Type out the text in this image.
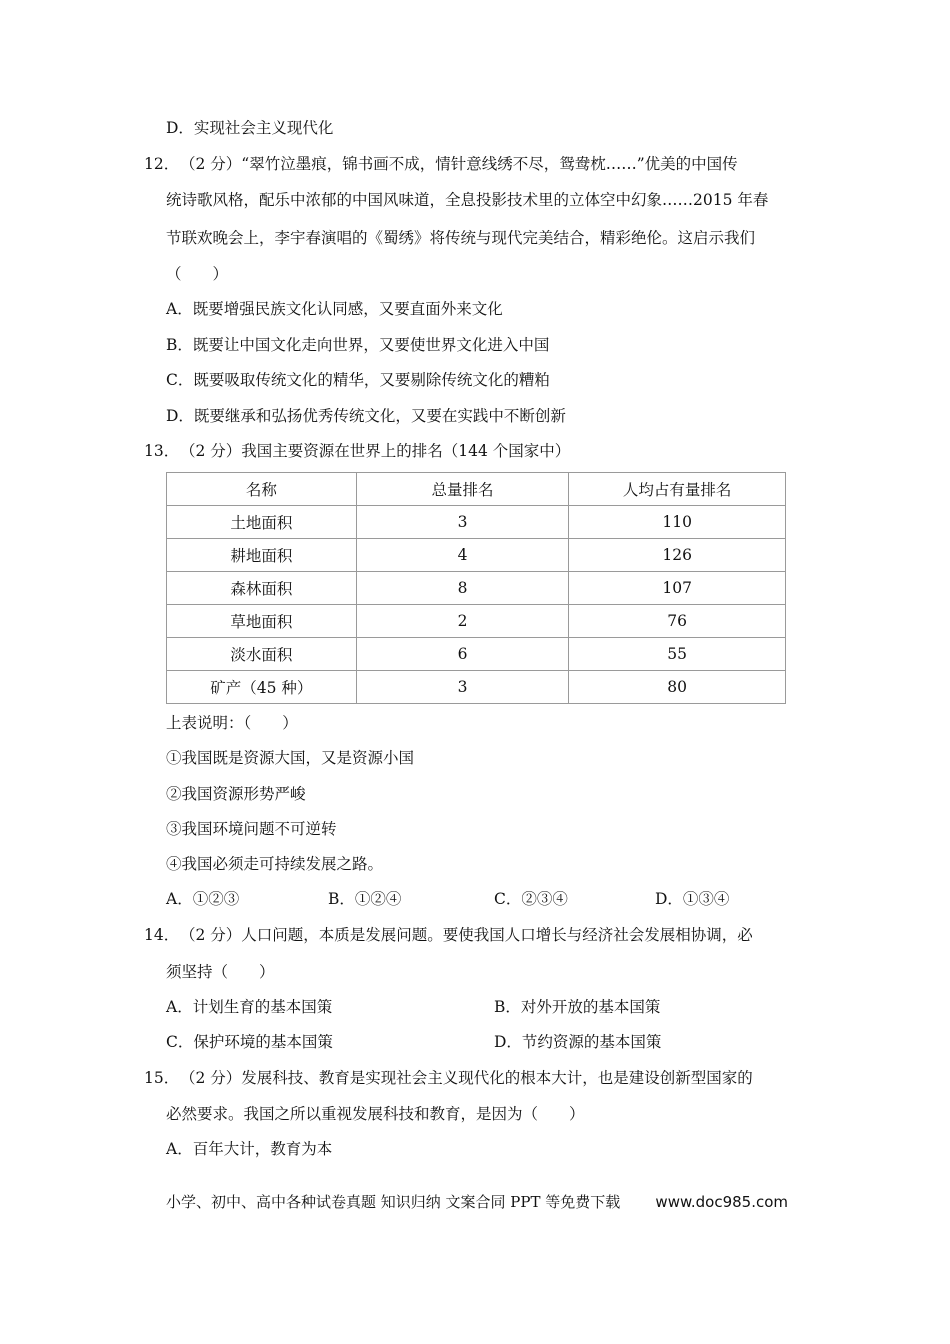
D．实现社会主义现代化
12． （2 分）“翠竹泣墨痕，锦书画不成，情针意线绣不尽，鸳鸯枕……”优美的中国传
统诗歌风格，配乐中浓郁的中国风味道，全息投影技术里的立体空中幻象……2015 年春
节联欢晚会上，李宇春演唱的《蜀绣》将传统与现代完美结合，精彩绝伦。这启示我们
（　　）
A．既要增强民族文化认同感，又要直面外来文化
B．既要让中国文化走向世界，又要使世界文化进入中国
C．既要吸取传统文化的精华，又要剔除传统文化的糟粕
D．既要继承和弘扬优秀传统文化，又要在实践中不断创新
13． （2 分）我国主要资源在世界上的排名（144 个国家中）
名称	总量排名	人均占有量排名
土地面积	3	110
耕地面积	4	126
森林面积	8	107
草地面积	2	76
淡水面积	6	55
矿产（45 种）	3	80
上表说明：（　　）
①我国既是资源大国，又是资源小国
②我国资源形势严峻
③我国环境问题不可逆转
④我国必须走可持续发展之路。
A．①②③	B．①②④	C．②③④	D．①③④
14． （2 分）人口问题，本质是发展问题。要使我国人口增长与经济社会发展相协调，必
须坚持（　　）
A．计划生育的基本国策	B．对外开放的基本国策
C．保护环境的基本国策	D．节约资源的基本国策
15． （2 分）发展科技、教育是实现社会主义现代化的根本大计，也是建设创新型国家的
必然要求。我国之所以重视发展科技和教育，是因为（　　）
A．百年大计，教育为本
小学、初中、高中各种试卷真题 知识归纳 文案合同 PPT 等免费下载 www.doc985.com
